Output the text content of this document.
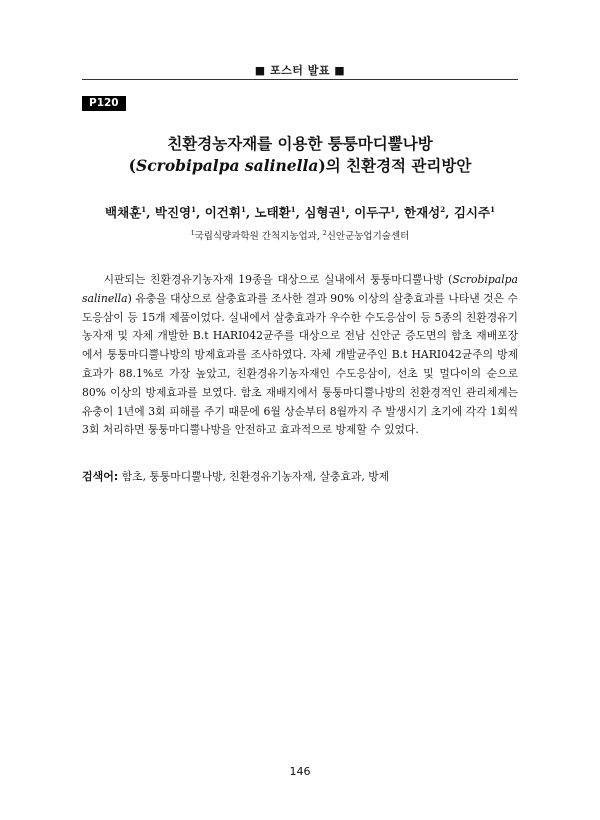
■ 포스터 발표 ■
P120
친환경농자재를 이용한 퉁퉁마디뿔나방
(Scrobipalpa salinella)의 친환경적 관리방안
백채훈$^1$, 박진영$^1$, 이건휘$^1$, 노태환$^1$, 심형권$^1$, 이두구$^1$, 한재성$^2$, 김시주$^1$
$^1$국립식량과학원 간척지농업과, $^2$신안군농업기술센터

시판되는 친환경유기농자재 19종을 대상으로 실내에서 퉁퉁마디뿔나방 (Scrobipalpa salinella) 유충을 대상으로 살충효과를 조사한 결과 90% 이상의 살충효과를 나타낸 것은 수도응삼이 등 15개 제품이었다. 실내에서 살충효과가 우수한 수도응삼이 등 5종의 친환경유기농자재 및 자체 개발한 B.t HARI042균주를 대상으로 전남 신안군 증도면의 함초 재배포장에서 퉁퉁마디뿔나방의 방제효과를 조사하였다. 자체 개발균주인 B.t HARI042균주의 방제효과가 88.1%로 가장 높았고, 친환경유기농자재인 수도응삼이, 선초 및 멀다이의 순으로 80% 이상의 방제효과를 보였다. 함초 재배지에서 퉁퉁마디뿔나방의 친환경적인 관리체계는 유충이 1년에 3회 피해를 주기 때문에 6월 상순부터 8월까지 주 발생시기 초기에 각각 1회씩 3회 처리하면 퉁퉁마디뿔나방을 안전하고 효과적으로 방제할 수 있었다.

검색어: 함초, 퉁퉁마디뿔나방, 친환경유기농자재, 살충효과, 방제
146
